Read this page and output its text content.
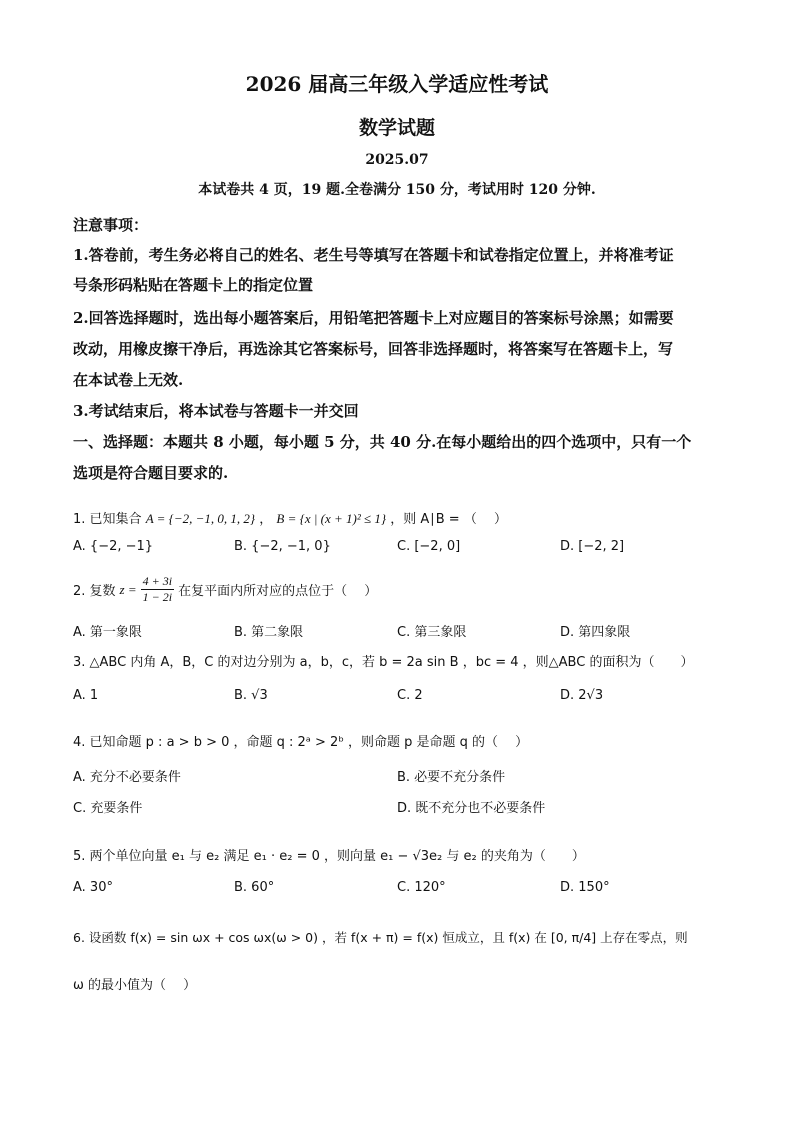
2026 届高三年级入学适应性考试
数学试题
2025.07
本试卷共 4 页，19 题.全卷满分 150 分，考试用时 120 分钟.
注意事项：
1.答卷前，考生务必将自己的姓名、老生号等填写在答题卡和试卷指定位置上，并将准考证
号条形码粘贴在答题卡上的指定位置
2.回答选择题时，选出每小题答案后，用铅笔把答题卡上对应题目的答案标号涂黑；如需要
改动，用橡皮擦干净后，再选涂其它答案标号，回答非选择题时，将答案写在答题卡上，写
在本试卷上无效.
3.考试结束后，将本试卷与答题卡一并交回
一、选择题：本题共 8 小题，每小题 5 分，共 40 分.在每小题给出的四个选项中，只有一个
选项是符合题目要求的.
1. 已知集合 A = {−2, −1, 0, 1, 2} ， B = {x | (x + 1)² ≤ 1} ，则 A∣B = （　 ）
A. {−2, −1}	B. {−2, −1, 0}	C. [−2, 0]	D. [−2, 2]
2. 复数 $z = \frac{4 + 3i}{1 - 2i}$ 在复平面内所对应的点位于（　 ）
A. 第一象限	B. 第二象限	C. 第三象限	D. 第四象限
3. △ABC 内角 A，B，C 的对边分别为 a，b，c，若 b = 2a sin B ，bc = 4 ，则△ABC 的面积为（　　）
A. 1	B. √3	C. 2	D. 2√3
4. 已知命题 p : a > b > 0 ，命题 q : 2ᵃ > 2ᵇ ，则命题 p 是命题 q 的（　 ）
A. 充分不必要条件	B. 必要不充分条件
C. 充要条件	D. 既不充分也不必要条件
5. 两个单位向量 e₁ 与 e₂ 满足 e₁ · e₂ = 0 ，则向量 e₁ − √3e₂ 与 e₂ 的夹角为（　　）
A. 30°	B. 60°	C. 120°	D. 150°
6. 设函数 f(x) = sin ωx + cos ωx(ω > 0) ，若 f(x + π) = f(x) 恒成立，且 f(x) 在 [0, π/4] 上存在零点，则
ω 的最小值为（　 ）
